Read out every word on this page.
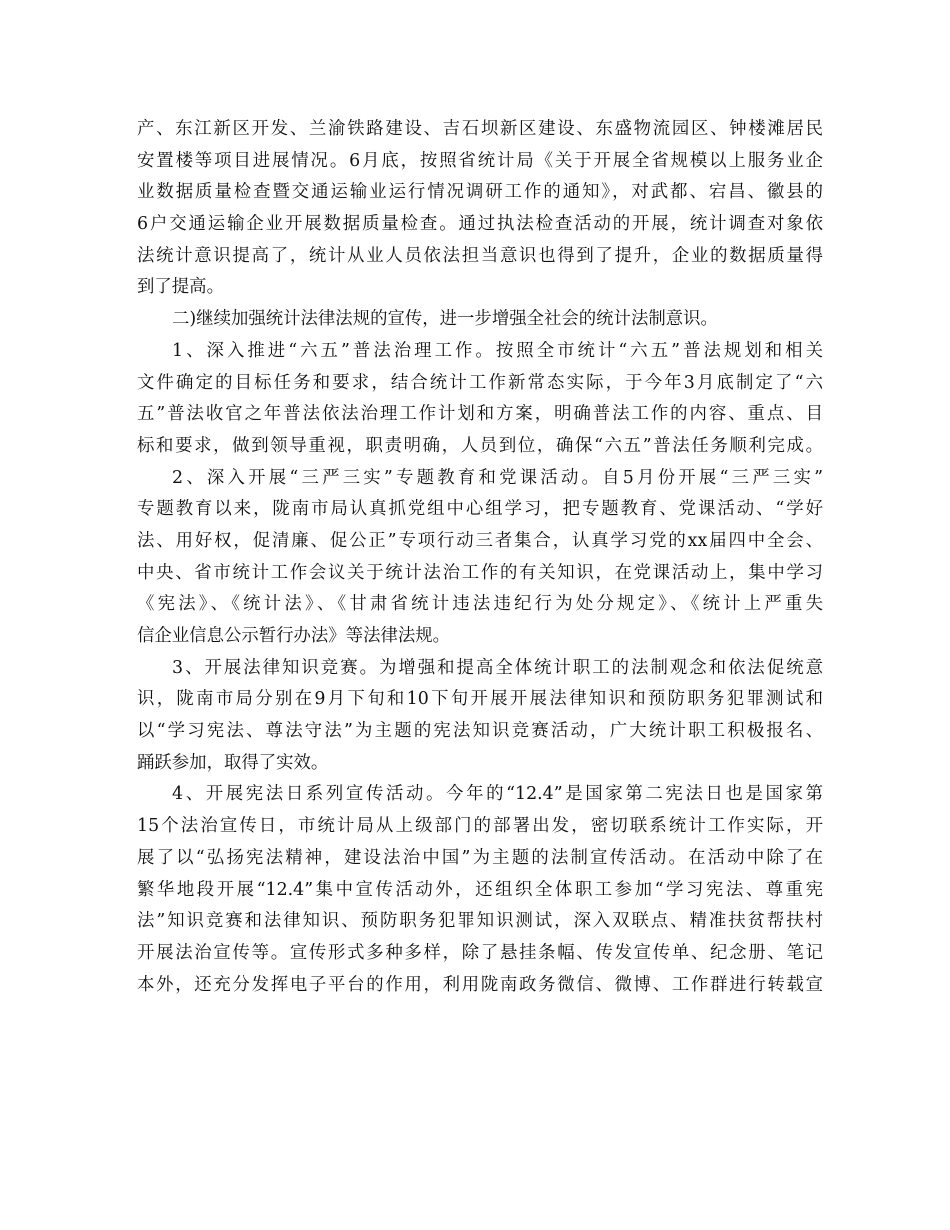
产、东江新区开发、兰渝铁路建设、吉石坝新区建设、东盛物流园区、钟楼滩居民
安置楼等项目进展情况。6月底，按照省统计局《关于开展全省规模以上服务业企
业数据质量检查暨交通运输业运行情况调研工作的通知》，对武都、宕昌、徽县的
6户交通运输企业开展数据质量检查。通过执法检查活动的开展，统计调查对象依
法统计意识提高了，统计从业人员依法担当意识也得到了提升，企业的数据质量得
到了提高。
二)继续加强统计法律法规的宣传，进一步增强全社会的统计法制意识。
1、深入推进“六五”普法治理工作。按照全市统计“六五”普法规划和相关
文件确定的目标任务和要求，结合统计工作新常态实际，于今年3月底制定了“六
五”普法收官之年普法依法治理工作计划和方案，明确普法工作的内容、重点、目
标和要求，做到领导重视，职责明确，人员到位，确保“六五”普法任务顺利完成。
2、深入开展“三严三实”专题教育和党课活动。自5月份开展“三严三实”
专题教育以来，陇南市局认真抓党组中心组学习，把专题教育、党课活动、“学好
法、用好权，促清廉、促公正”专项行动三者集合，认真学习党的xx届四中全会、
中央、省市统计工作会议关于统计法治工作的有关知识，在党课活动上，集中学习
《宪法》、《统计法》、《甘肃省统计违法违纪行为处分规定》、《统计上严重失
信企业信息公示暂行办法》等法律法规。
3、开展法律知识竞赛。为增强和提高全体统计职工的法制观念和依法促统意
识，陇南市局分别在9月下旬和10下旬开展开展法律知识和预防职务犯罪测试和
以“学习宪法、尊法守法”为主题的宪法知识竞赛活动，广大统计职工积极报名、
踊跃参加，取得了实效。
4、开展宪法日系列宣传活动。今年的“12.4”是国家第二宪法日也是国家第
15个法治宣传日，市统计局从上级部门的部署出发，密切联系统计工作实际，开
展了以“弘扬宪法精神，建设法治中国”为主题的法制宣传活动。在活动中除了在
繁华地段开展“12.4”集中宣传活动外，还组织全体职工参加“学习宪法、尊重宪
法”知识竞赛和法律知识、预防职务犯罪知识测试，深入双联点、精准扶贫帮扶村
开展法治宣传等。宣传形式多种多样，除了悬挂条幅、传发宣传单、纪念册、笔记
本外，还充分发挥电子平台的作用，利用陇南政务微信、微博、工作群进行转载宣
